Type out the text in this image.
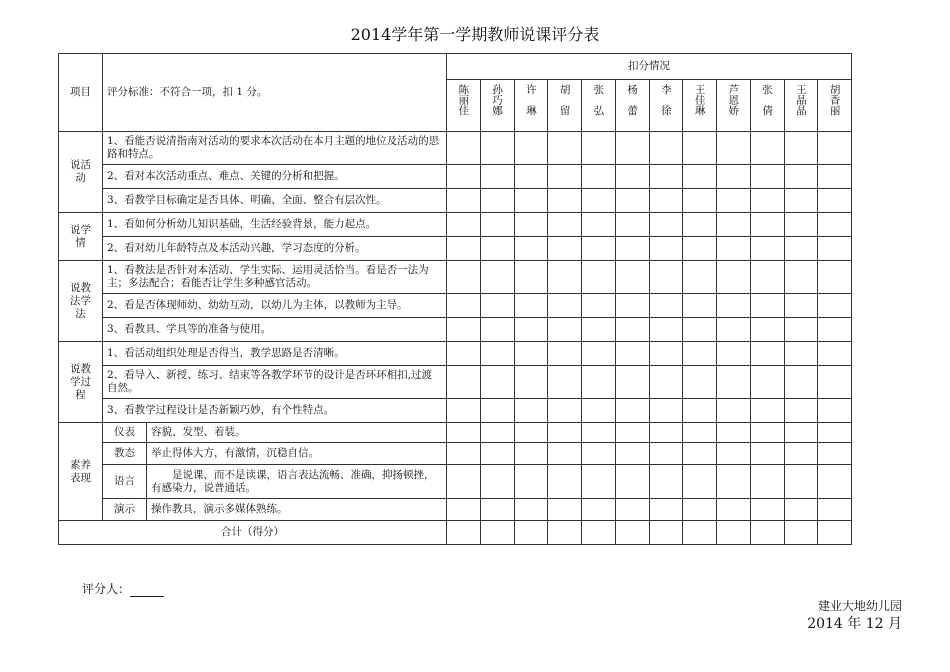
2014学年第一学期教师说课评分表
项目	评分标准：不符合一项，扣 1 分。		扣分情况											

			陈丽佳	孙巧娜	许　琳	胡　留	张　弘	杨　蕾	李　徐	王佳琳	芦恩娇	张　倩	王晶晶	胡香丽

说活动	1、看能否说清指南对活动的要求本次活动在本月主题的地位及活动的思路和特点。													
	2、看对本次活动重点、难点、关键的分析和把握。													
	3、看教学目标确定是否具体、明确、全面、整合有层次性。													
说学情	1、看如何分析幼儿知识基础，生活经验背景，能力起点。													
	2、看对幼儿年龄特点及本活动兴趣，学习态度的分析。													
说教法学法	1、看教法是否针对本活动、学生实际、运用灵活恰当。看是否一法为主；多法配合；看能否让学生多种感官活动。													
	2、看是否体现师幼、幼幼互动，以幼儿为主体，以教师为主导。													
	3、看教具、学具等的准备与使用。													
说教学过程	1、看活动组织处理是否得当，教学思路是否清晰。													
	2、看导入、新授、练习、结束等各教学环节的设计是否环环相扣,过渡自然。													
	3、看教学过程设计是否新颖巧妙，有个性特点。													
素养表现	仪表	容貌、发型、着装。												
	教态	举止得体大方，有激情，沉稳自信。												
	语言	　　是说课，而不是读课，语言表达流畅、准确，抑扬顿挫，有感染力，说普通话。												
	演示	操作教具，演示多媒体熟练。												
合计（得分）														
评分人：
建业大地幼儿园
2014 年 12 月
